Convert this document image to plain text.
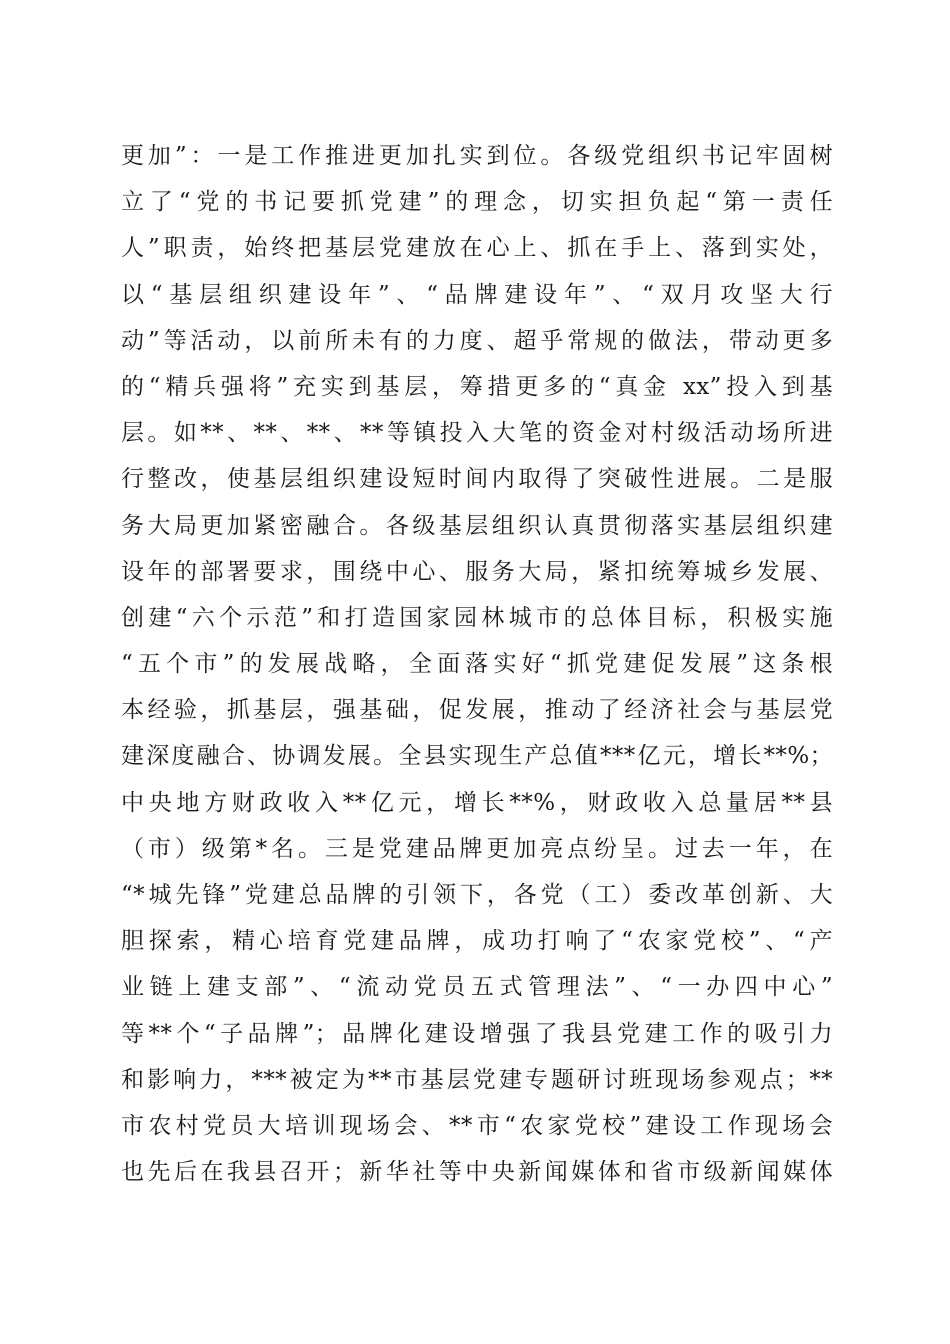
更加”：一是工作推进更加扎实到位。各级党组织书记牢固树
立了“党的书记要抓党建”的理念，切实担负起“第一责任
人”职责，始终把基层党建放在心上、抓在手上、落到实处，
以“基层组织建设年”、“品牌建设年”、“双月攻坚大行
动”等活动，以前所未有的力度、超乎常规的做法，带动更多
的“精兵强将”充实到基层，筹措更多的“真金 xx”投入到基
层。如**、**、**、**等镇投入大笔的资金对村级活动场所进
行整改，使基层组织建设短时间内取得了突破性进展。二是服
务大局更加紧密融合。各级基层组织认真贯彻落实基层组织建
设年的部署要求，围绕中心、服务大局，紧扣统筹城乡发展、
创建“六个示范”和打造国家园林城市的总体目标，积极实施
“五个市”的发展战略，全面落实好“抓党建促发展”这条根
本经验，抓基层，强基础，促发展，推动了经济社会与基层党
建深度融合、协调发展。全县实现生产总值***亿元，增长**%；
中央地方财政收入**亿元，增长**%，财政收入总量居**县
（市）级第*名。三是党建品牌更加亮点纷呈。过去一年，在
“*城先锋”党建总品牌的引领下，各党（工）委改革创新、大
胆探索，精心培育党建品牌，成功打响了“农家党校”、“产
业链上建支部”、“流动党员五式管理法”、“一办四中心”
等**个“子品牌”；品牌化建设增强了我县党建工作的吸引力
和影响力，***被定为**市基层党建专题研讨班现场参观点；**
市农村党员大培训现场会、**市“农家党校”建设工作现场会
也先后在我县召开；新华社等中央新闻媒体和省市级新闻媒体
